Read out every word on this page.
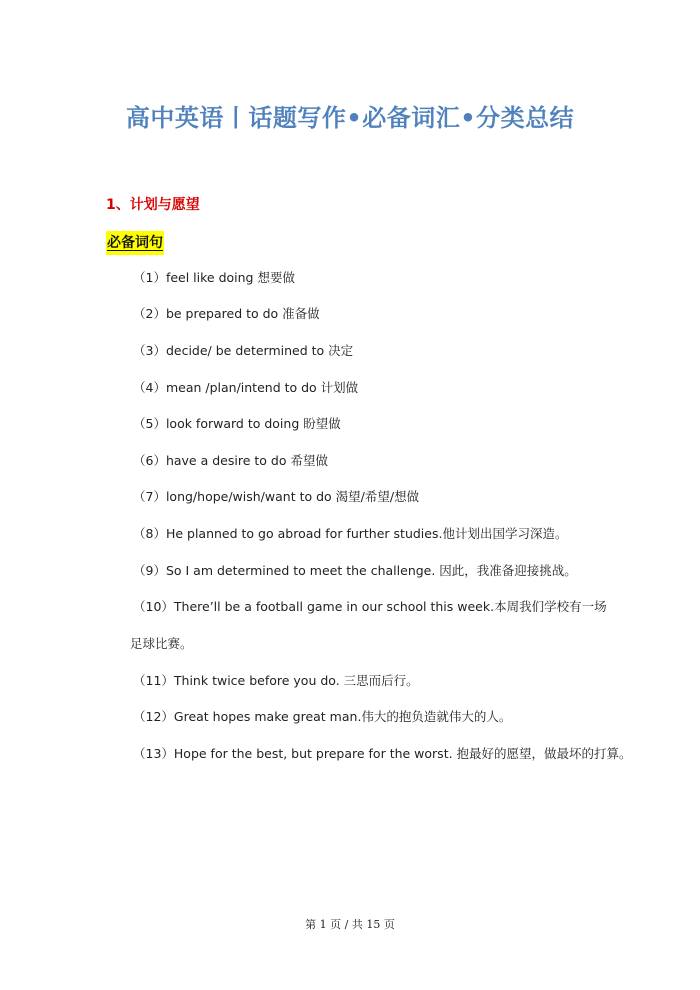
高中英语丨话题写作•必备词汇•分类总结
1、计划与愿望
必备词句
（1）feel like doing 想要做
（2）be prepared to do 准备做
（3）decide/ be determined to 决定
（4）mean /plan/intend to do 计划做
（5）look forward to doing 盼望做
（6）have a desire to do 希望做
（7）long/hope/wish/want to do 渴望/希望/想做
（8）He planned to go abroad for further studies.他计划出国学习深造。
（9）So I am determined to meet the challenge. 因此，我准备迎接挑战。
（10）There’ll be a football game in our school this week.本周我们学校有一场
足球比赛。
（11）Think twice before you do. 三思而后行。
（12）Great hopes make great man.伟大的抱负造就伟大的人。
（13）Hope for the best, but prepare for the worst. 抱最好的愿望，做最坏的打算。
第 1 页 / 共 15 页
